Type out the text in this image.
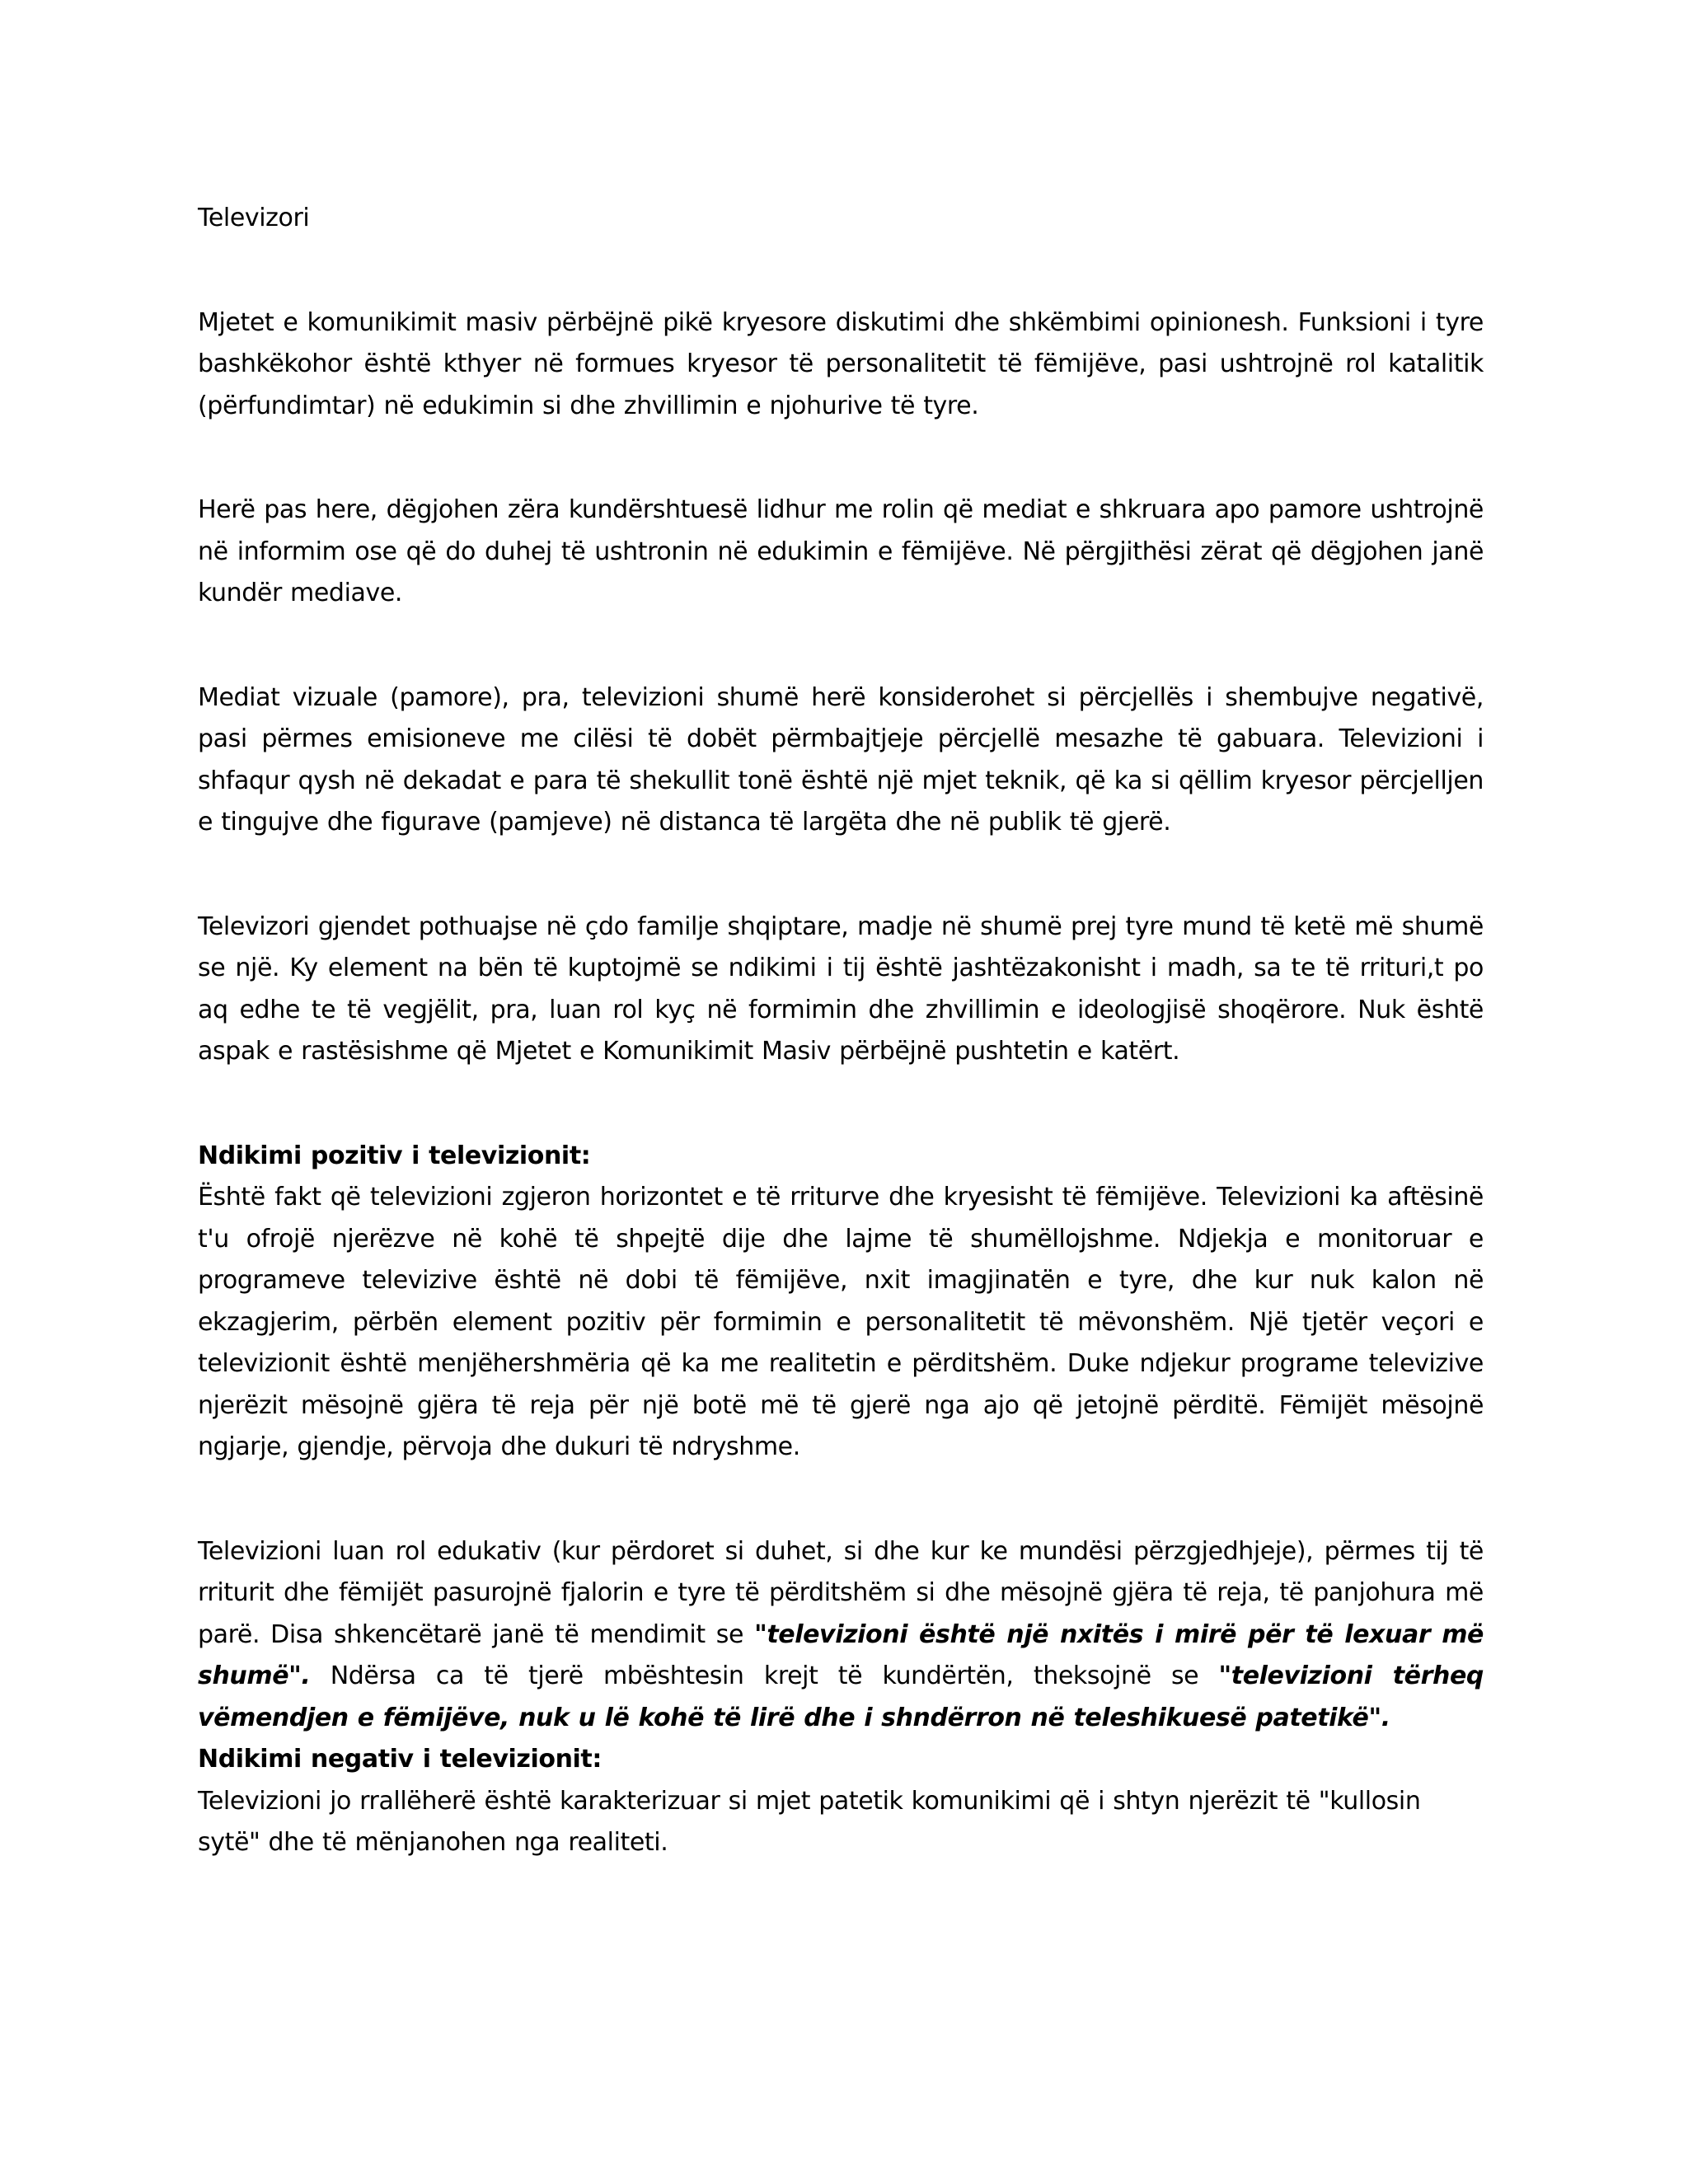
Televizori

Mjetet e komunikimit masiv përbëjnë pikë kryesore diskutimi dhe shkëmbimi opinionesh. Funksioni i tyre bashkëkohor është kthyer në formues kryesor të personalitetit të fëmijëve, pasi ushtrojnë rol katalitik (përfundimtar) në edukimin si dhe zhvillimin e njohurive të tyre.

Herë pas here, dëgjohen zëra kundërshtuesë lidhur me rolin që mediat e shkruara apo pamore ushtrojnë në informim ose që do duhej të ushtronin në edukimin e fëmijëve. Në përgjithësi zërat që dëgjohen janë kundër mediave.

Mediat vizuale (pamore), pra, televizioni shumë herë konsiderohet si përcjellës i shembujve negativë, pasi përmes emisioneve me cilësi të dobët përmbajtjeje përcjellë mesazhe të gabuara. Televizioni i shfaqur qysh në dekadat e para të shekullit tonë është një mjet teknik, që ka si qëllim kryesor përcjelljen e tingujve dhe figurave (pamjeve) në distanca të largëta dhe në publik të gjerë.

Televizori gjendet pothuajse në çdo familje shqiptare, madje në shumë prej tyre mund të ketë më shumë se një. Ky element na bën të kuptojmë se ndikimi i tij është jashtëzakonisht i madh, sa te të rrituri,t po aq edhe te të vegjëlit, pra, luan rol kyç në formimin dhe zhvillimin e ideologjisë shoqërore. Nuk është aspak e rastësishme që Mjetet e Komunikimit Masiv përbëjnë pushtetin e katërt.

Ndikimi pozitiv i televizionit:

Është fakt që televizioni zgjeron horizontet e të rriturve dhe kryesisht të fëmijëve. Televizioni ka aftësinë t'u ofrojë njerëzve në kohë të shpejtë dije dhe lajme të shumëllojshme. Ndjekja e monitoruar e programeve televizive është në dobi të fëmijëve, nxit imagjinatën e tyre, dhe kur nuk kalon në ekzagjerim, përbën element pozitiv për formimin e personalitetit të mëvonshëm. Një tjetër veçori e televizionit është menjëhershmëria që ka me realitetin e përditshëm. Duke ndjekur programe televizive njerëzit mësojnë gjëra të reja për një botë më të gjerë nga ajo që jetojnë përditë. Fëmijët mësojnë ngjarje, gjendje, përvoja dhe dukuri të ndryshme.

Televizioni luan rol edukativ (kur përdoret si duhet, si dhe kur ke mundësi përzgjedhjeje), përmes tij të rriturit dhe fëmijët pasurojnë fjalorin e tyre të përditshëm si dhe mësojnë gjëra të reja, të panjohura më parë. Disa shkencëtarë janë të mendimit se "televizioni është një nxitës i mirë për të lexuar më shumë". Ndërsa ca të tjerë mbështesin krejt të kundërtën, theksojnë se "televizioni tërheq vëmendjen e fëmijëve, nuk u lë kohë të lirë dhe i shndërron në teleshikuesë patetikë".

Ndikimi negativ i televizionit:

Televizioni jo rrallëherë është karakterizuar si mjet patetik komunikimi që i shtyn njerëzit të "kullosin sytë" dhe të mënjanohen nga realiteti.
